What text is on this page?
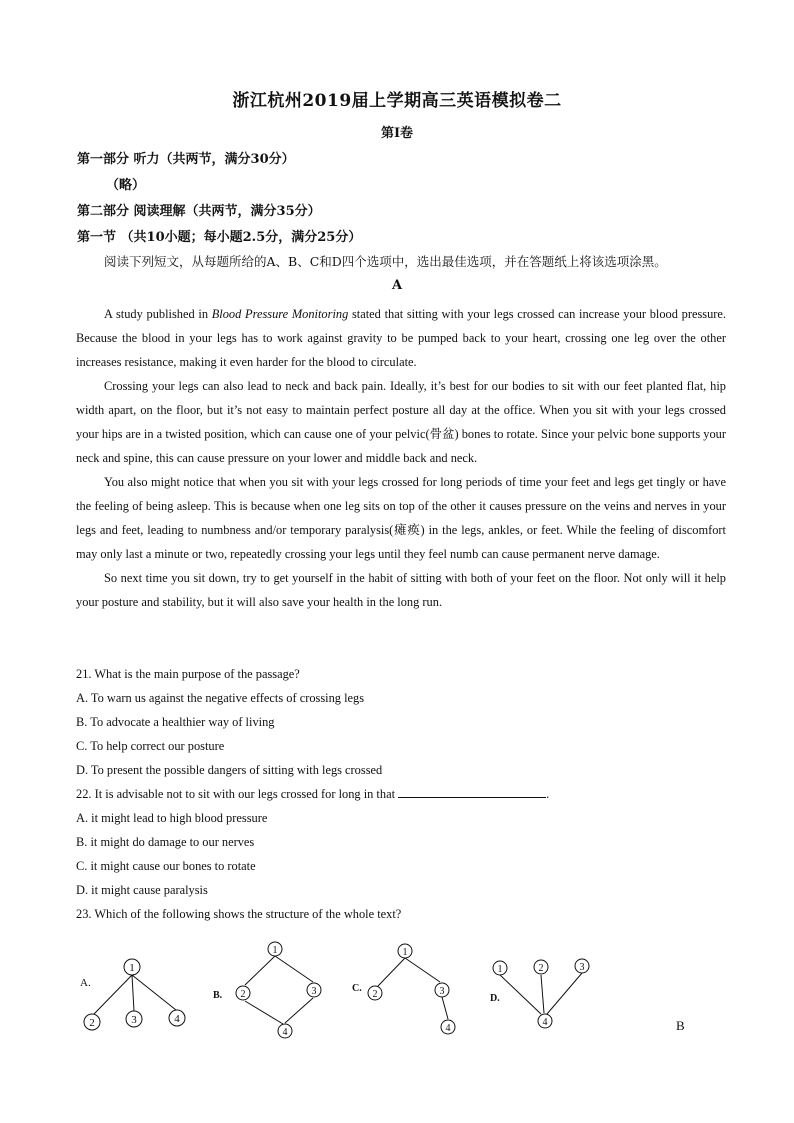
浙江杭州2019届上学期高三英语模拟卷二
第I卷
第一部分 听力（共两节，满分30分）
（略）
第二部分 阅读理解（共两节，满分35分）
第一节 （共10小题；每小题2.5分，满分25分）
阅读下列短文，从每题所给的A、B、C和D四个选项中，选出最佳选项，并在答题纸上将该选项涂黑。
A

A study published in Blood Pressure Monitoring stated that sitting with your legs crossed can increase your blood pressure. Because the blood in your legs has to work against gravity to be pumped back to your heart, crossing one leg over the other increases resistance, making it even harder for the blood to circulate.

Crossing your legs can also lead to neck and back pain. Ideally, it’s best for our bodies to sit with our feet planted flat, hip width apart, on the floor, but it’s not easy to maintain perfect posture all day at the office. When you sit with your legs crossed your hips are in a twisted position, which can cause one of your pelvic(骨盆) bones to rotate. Since your pelvic bone supports your neck and spine, this can cause pressure on your lower and middle back and neck.

You also might notice that when you sit with your legs crossed for long periods of time your feet and legs get tingly or have the feeling of being asleep. This is because when one leg sits on top of the other it causes pressure on the veins and nerves in your legs and feet, leading to numbness and/or temporary paralysis(瘫痪) in the legs, ankles, or feet. While the feeling of discomfort may only last a minute or two, repeatedly crossing your legs until they feel numb can cause permanent nerve damage.

So next time you sit down, try to get yourself in the habit of sitting with both of your feet on the floor. Not only will it help your posture and stability, but it will also save your health in the long run.

21. What is the main purpose of the passage?
A. To warn us against the negative effects of crossing legs
B. To advocate a healthier way of living
C. To help correct our posture
D. To present the possible dangers of sitting with legs crossed
22. It is advisable not to sit with our legs crossed for long in that	.
A. it might lead to high blood pressure
B. it might do damage to our nerves
C. it might cause our bones to rotate
D. it might cause paralysis
23. Which of the following shows the structure of the whole text?
1
2	3	4
1
2	3
4
1
2	3
4
1	2	3
4
A.
B.
C.
D.
B
